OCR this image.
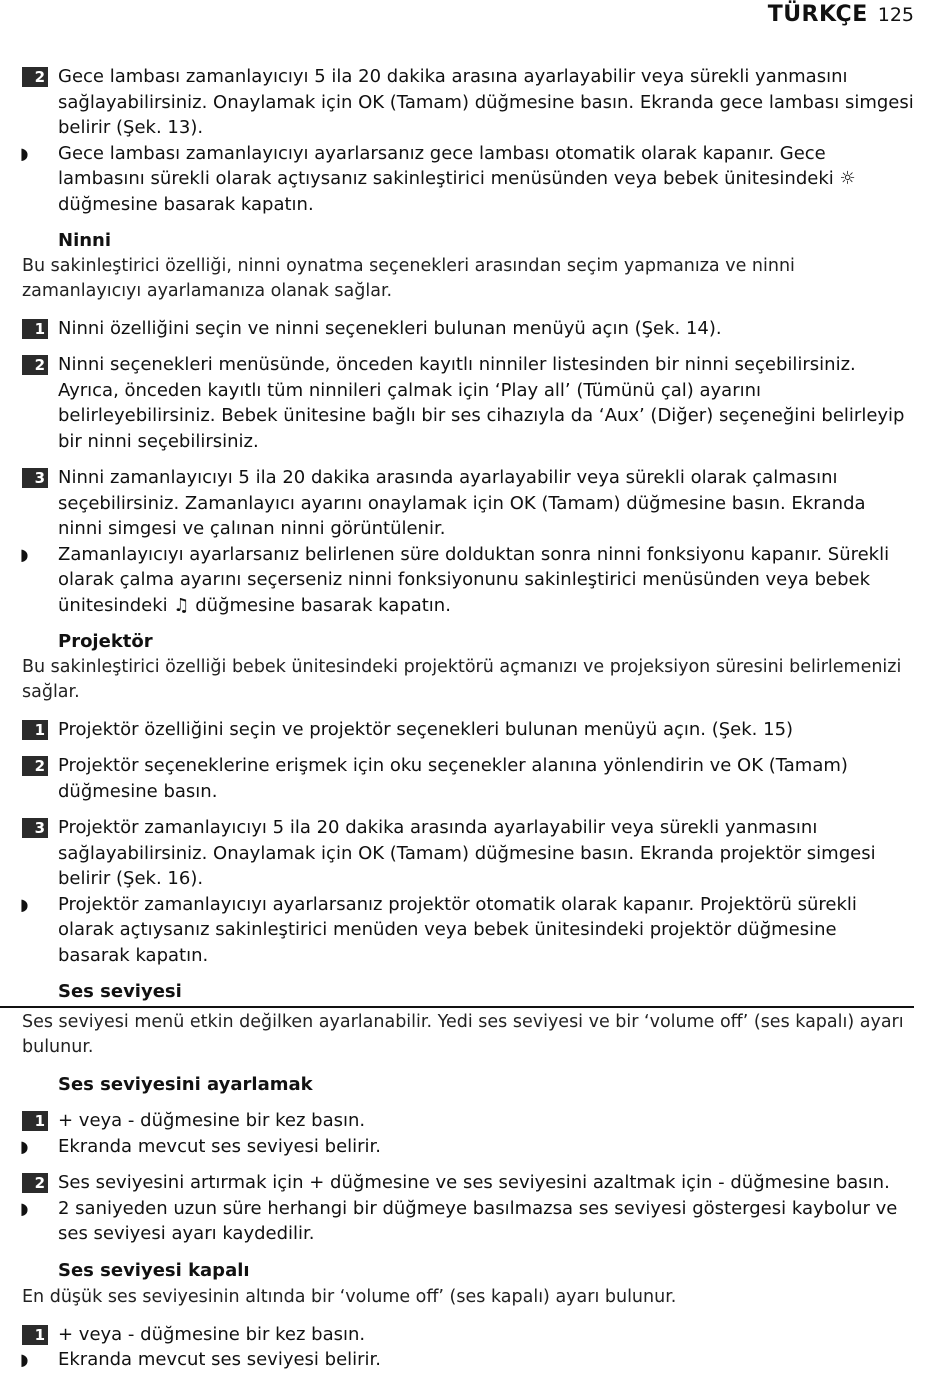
TÜRKÇE 125
2 Gece lambası zamanlayıcıyı 5 ila 20 dakika arasına ayarlayabilir veya sürekli yanmasını sağlayabilirsiniz. Onaylamak için OK (Tamam) düğmesine basın. Ekranda gece lambası simgesi belirir (Şek. 13).
◗ Gece lambası zamanlayıcıyı ayarlarsanız gece lambası otomatik olarak kapanır. Gece lambasını sürekli olarak açtıysanız sakinleştirici menüsünden veya bebek ünitesindeki ☼ düğmesine basarak kapatın.
Ninni
Bu sakinleştirici özelliği, ninni oynatma seçenekleri arasından seçim yapmanıza ve ninni zamanlayıcıyı ayarlamanıza olanak sağlar.
1 Ninni özelliğini seçin ve ninni seçenekleri bulunan menüyü açın (Şek. 14).
2 Ninni seçenekleri menüsünde, önceden kayıtlı ninniler listesinden bir ninni seçebilirsiniz. Ayrıca, önceden kayıtlı tüm ninnileri çalmak için ‘Play all’ (Tümünü çal) ayarını belirleyebilirsiniz. Bebek ünitesine bağlı bir ses cihazıyla da ‘Aux’ (Diğer) seçeneğini belirleyip bir ninni seçebilirsiniz.
3 Ninni zamanlayıcıyı 5 ila 20 dakika arasında ayarlayabilir veya sürekli olarak çalmasını seçebilirsiniz. Zamanlayıcı ayarını onaylamak için OK (Tamam) düğmesine basın. Ekranda ninni simgesi ve çalınan ninni görüntülenir.
◗ Zamanlayıcıyı ayarlarsanız belirlenen süre dolduktan sonra ninni fonksiyonu kapanır. Sürekli olarak çalma ayarını seçerseniz ninni fonksiyonunu sakinleştirici menüsünden veya bebek ünitesindeki ♫ düğmesine basarak kapatın.
Projektör
Bu sakinleştirici özelliği bebek ünitesindeki projektörü açmanızı ve projeksiyon süresini belirlemenizi sağlar.
1 Projektör özelliğini seçin ve projektör seçenekleri bulunan menüyü açın. (Şek. 15)
2 Projektör seçeneklerine erişmek için oku seçenekler alanına yönlendirin ve OK (Tamam) düğmesine basın.
3 Projektör zamanlayıcıyı 5 ila 20 dakika arasında ayarlayabilir veya sürekli yanmasını sağlayabilirsiniz. Onaylamak için OK (Tamam) düğmesine basın. Ekranda projektör simgesi belirir (Şek. 16).
◗ Projektör zamanlayıcıyı ayarlarsanız projektör otomatik olarak kapanır. Projektörü sürekli olarak açtıysanız sakinleştirici menüden veya bebek ünitesindeki projektör düğmesine basarak kapatın.
Ses seviyesi
Ses seviyesi menü etkin değilken ayarlanabilir. Yedi ses seviyesi ve bir ‘volume off’ (ses kapalı) ayarı bulunur.
Ses seviyesini ayarlamak
1 + veya - düğmesine bir kez basın.
◗ Ekranda mevcut ses seviyesi belirir.
2 Ses seviyesini artırmak için + düğmesine ve ses seviyesini azaltmak için - düğmesine basın.
◗ 2 saniyeden uzun süre herhangi bir düğmeye basılmazsa ses seviyesi göstergesi kaybolur ve ses seviyesi ayarı kaydedilir.
Ses seviyesi kapalı
En düşük ses seviyesinin altında bir ‘volume off’ (ses kapalı) ayarı bulunur.
1 + veya - düğmesine bir kez basın.
◗ Ekranda mevcut ses seviyesi belirir.
